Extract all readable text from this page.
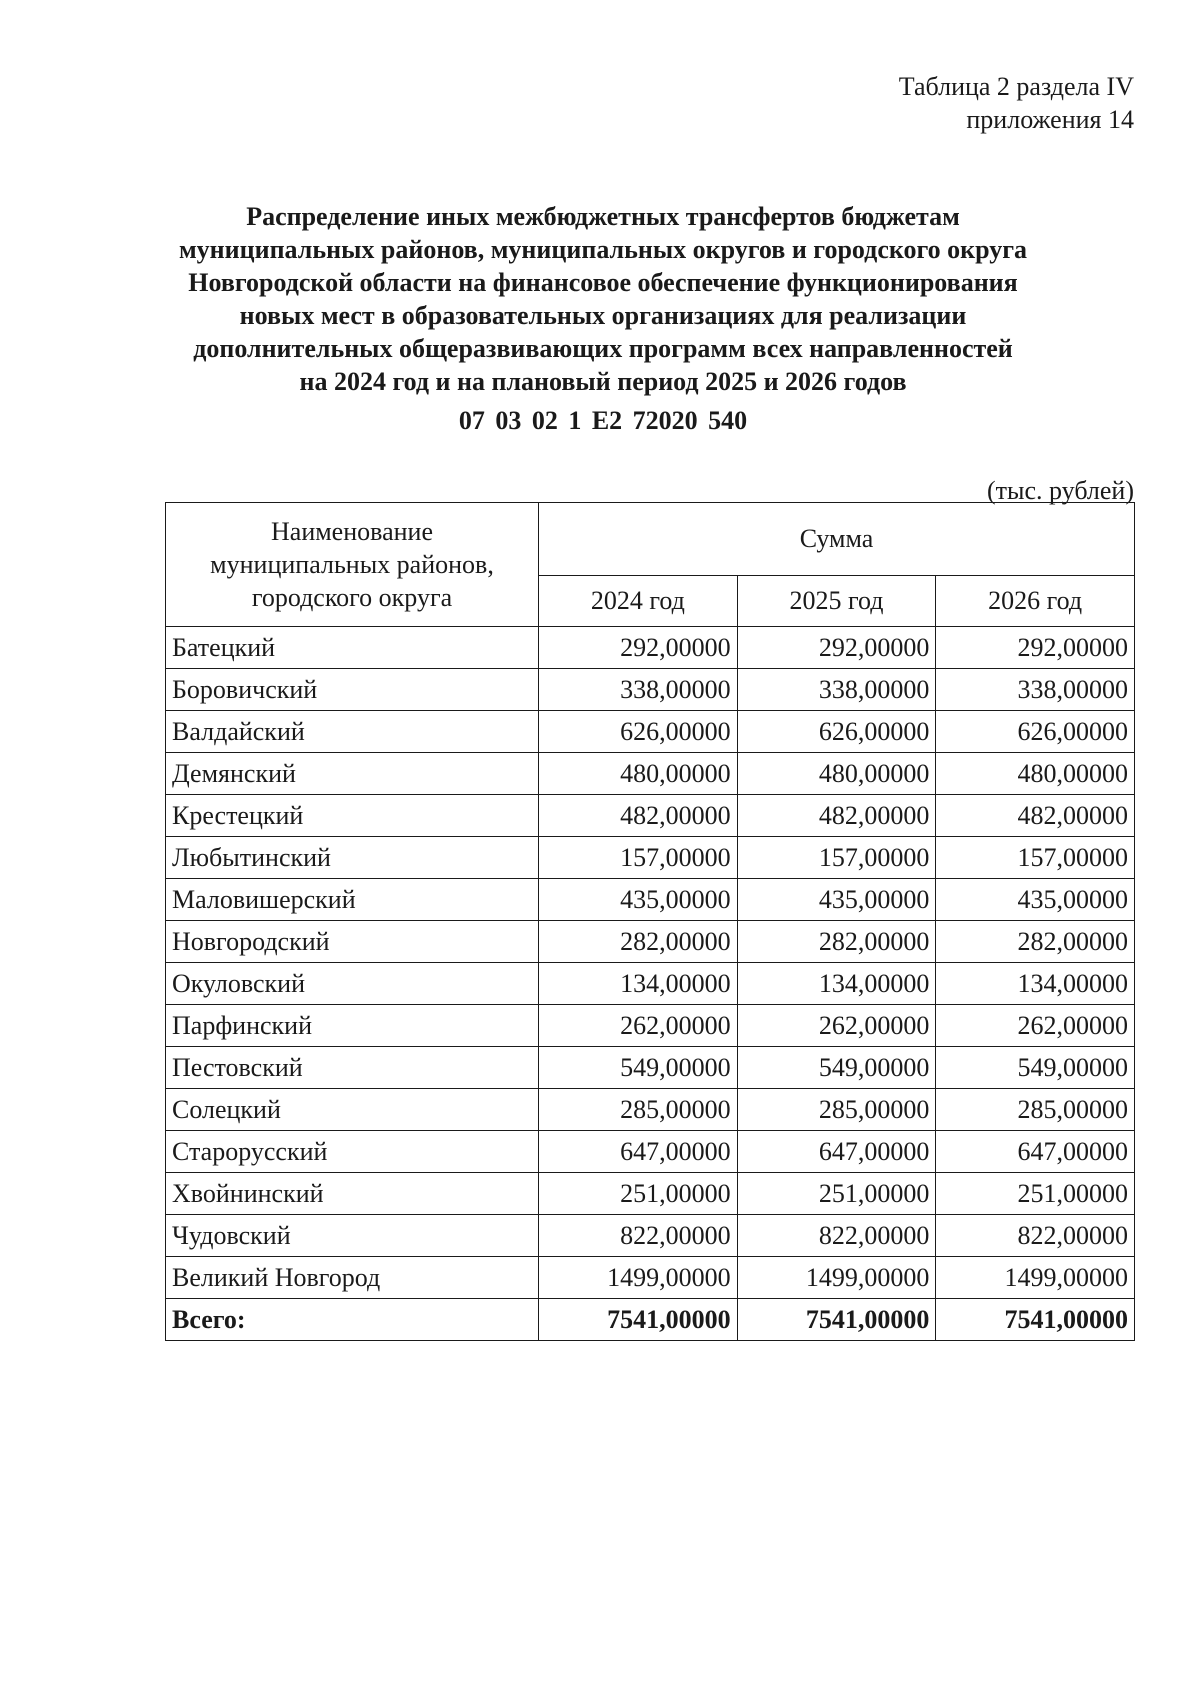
Таблица 2 раздела IV
приложения 14
Распределение иных межбюджетных трансфертов бюджетам
муниципальных районов, муниципальных округов и городского округа
Новгородской области на финансовое обеспечение функционирования
новых мест в образовательных организациях для реализации
дополнительных общеразвивающих программ всех направленностей
на 2024 год и на плановый период 2025 и 2026 годов
07 03 02 1 E2 72020 540
(тыс. рублей)
Наименование
муниципальных районов,
городского округа	Сумма		
	2024 год	2025 год	2026 год
Батецкий	292,00000	292,00000	292,00000
Боровичский	338,00000	338,00000	338,00000
Валдайский	626,00000	626,00000	626,00000
Демянский	480,00000	480,00000	480,00000
Крестецкий	482,00000	482,00000	482,00000
Любытинский	157,00000	157,00000	157,00000
Маловишерский	435,00000	435,00000	435,00000
Новгородский	282,00000	282,00000	282,00000
Окуловский	134,00000	134,00000	134,00000
Парфинский	262,00000	262,00000	262,00000
Пестовский	549,00000	549,00000	549,00000
Солецкий	285,00000	285,00000	285,00000
Старорусский	647,00000	647,00000	647,00000
Хвойнинский	251,00000	251,00000	251,00000
Чудовский	822,00000	822,00000	822,00000
Великий Новгород	1499,00000	1499,00000	1499,00000
Всего:	7541,00000	7541,00000	7541,00000
